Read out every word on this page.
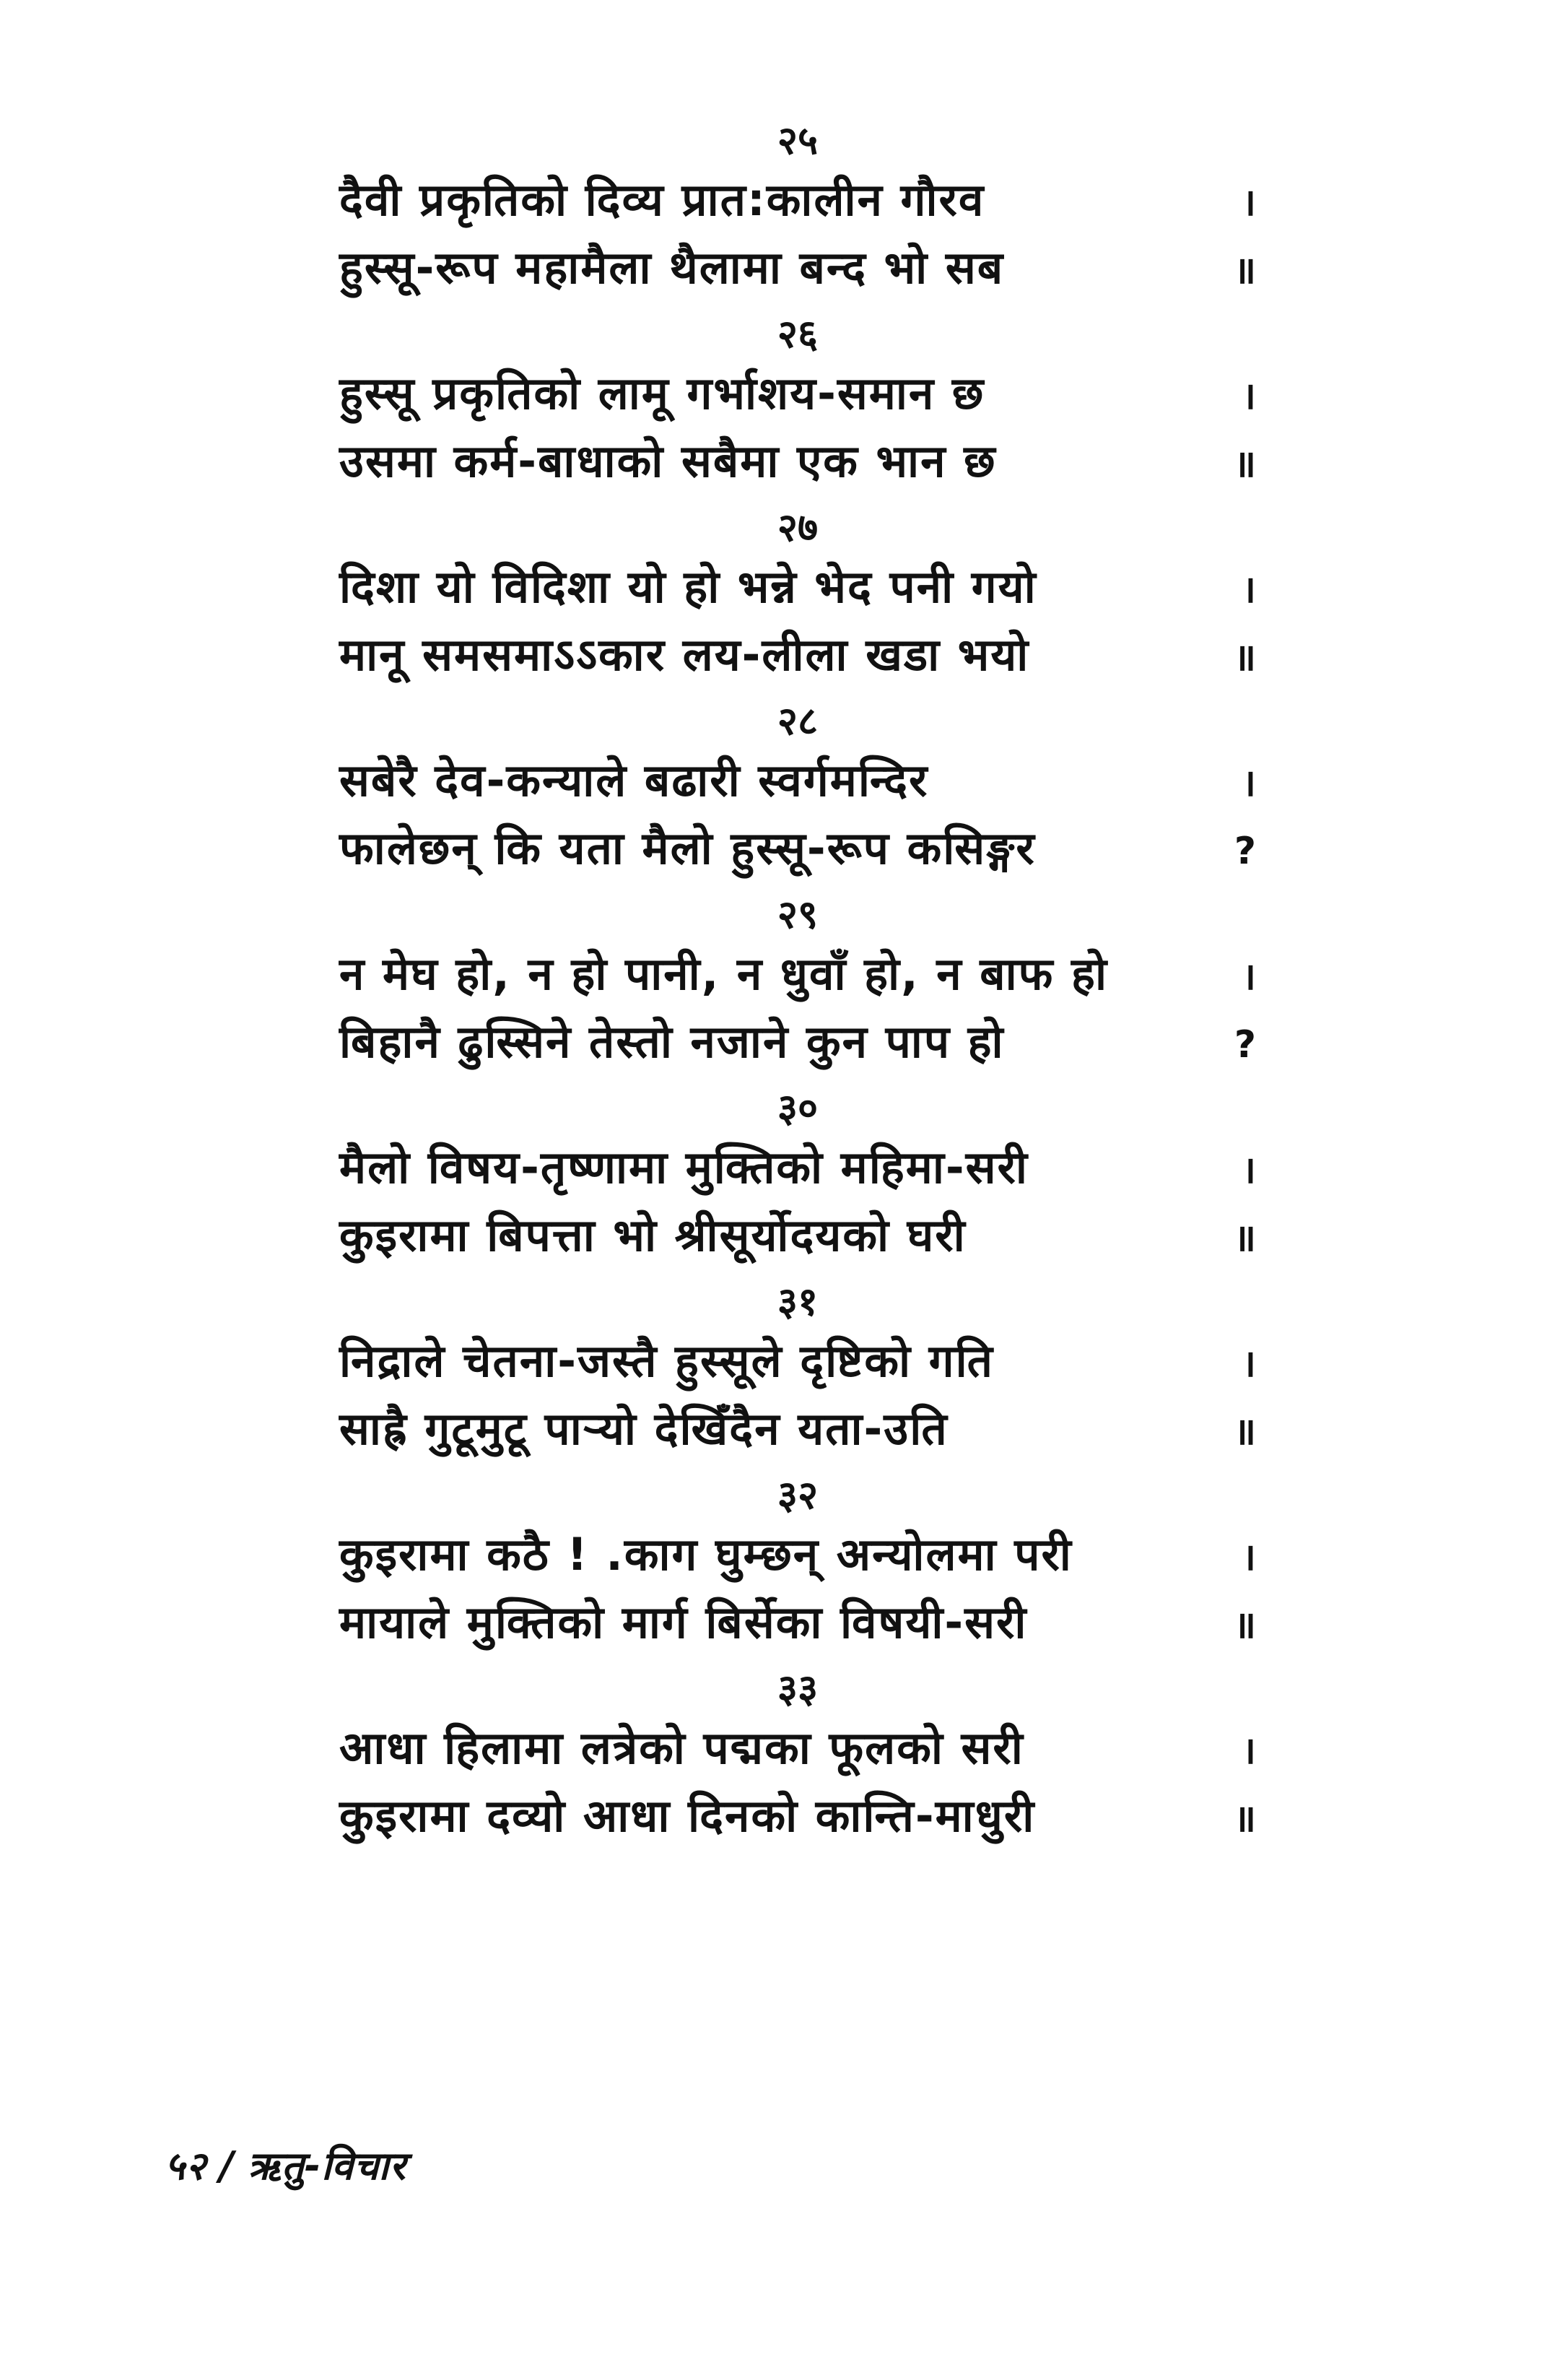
२५
दैवी प्रकृतिको दिव्य प्रात:कालीन गौरव	।
हुस्सू-रूप महामैला थैलामा बन्द भो सब	॥
२६
हुस्सू प्रकृतिको लामू गर्भाशय-समान छ	।
उसमा कर्म-बाधाको सबैमा एक भान छ	॥
२७
दिशा यो विदिशा यो हो भन्ने भेद पनी गयो	।
मानू समसमाऽऽकार लय-लीला खडा भयो	॥
२८
सबेरै देव-कन्याले बढारी स्वर्गमन्दिर	।
फालेछन् कि यता मैलो हुस्सू-रूप कसिङ्गर	?
२९
न मेघ हो, न हो पानी, न धुवाँ हो, न बाफ हो	।
बिहानै ढुस्सिने तेस्तो नजाने कुन पाप हो	?
३०
मैलो विषय-तृष्णामा मुक्तिको महिमा-सरी	।
कुइरामा बिपत्ता भो श्रीसूर्योदयको घरी	॥
३१
निद्राले चेतना-जस्तै हुस्सूले दृष्टिको गति	।
साह्रै गुटूमुटू पाऱ्यो देखिँदैन यता-उति	॥
३२
कुइरामा कठै ! .काग घुम्छन् अन्योलमा परी	।
मायाले मुक्तिको मार्ग बिर्सेका विषयी-सरी	॥
३३
आधा हिलामा लत्रेको पद्मका फूलको सरी	।
कुइरामा दव्यो आधा दिनको कान्ति-माधुरी	॥
५२ / ऋतु-विचार
